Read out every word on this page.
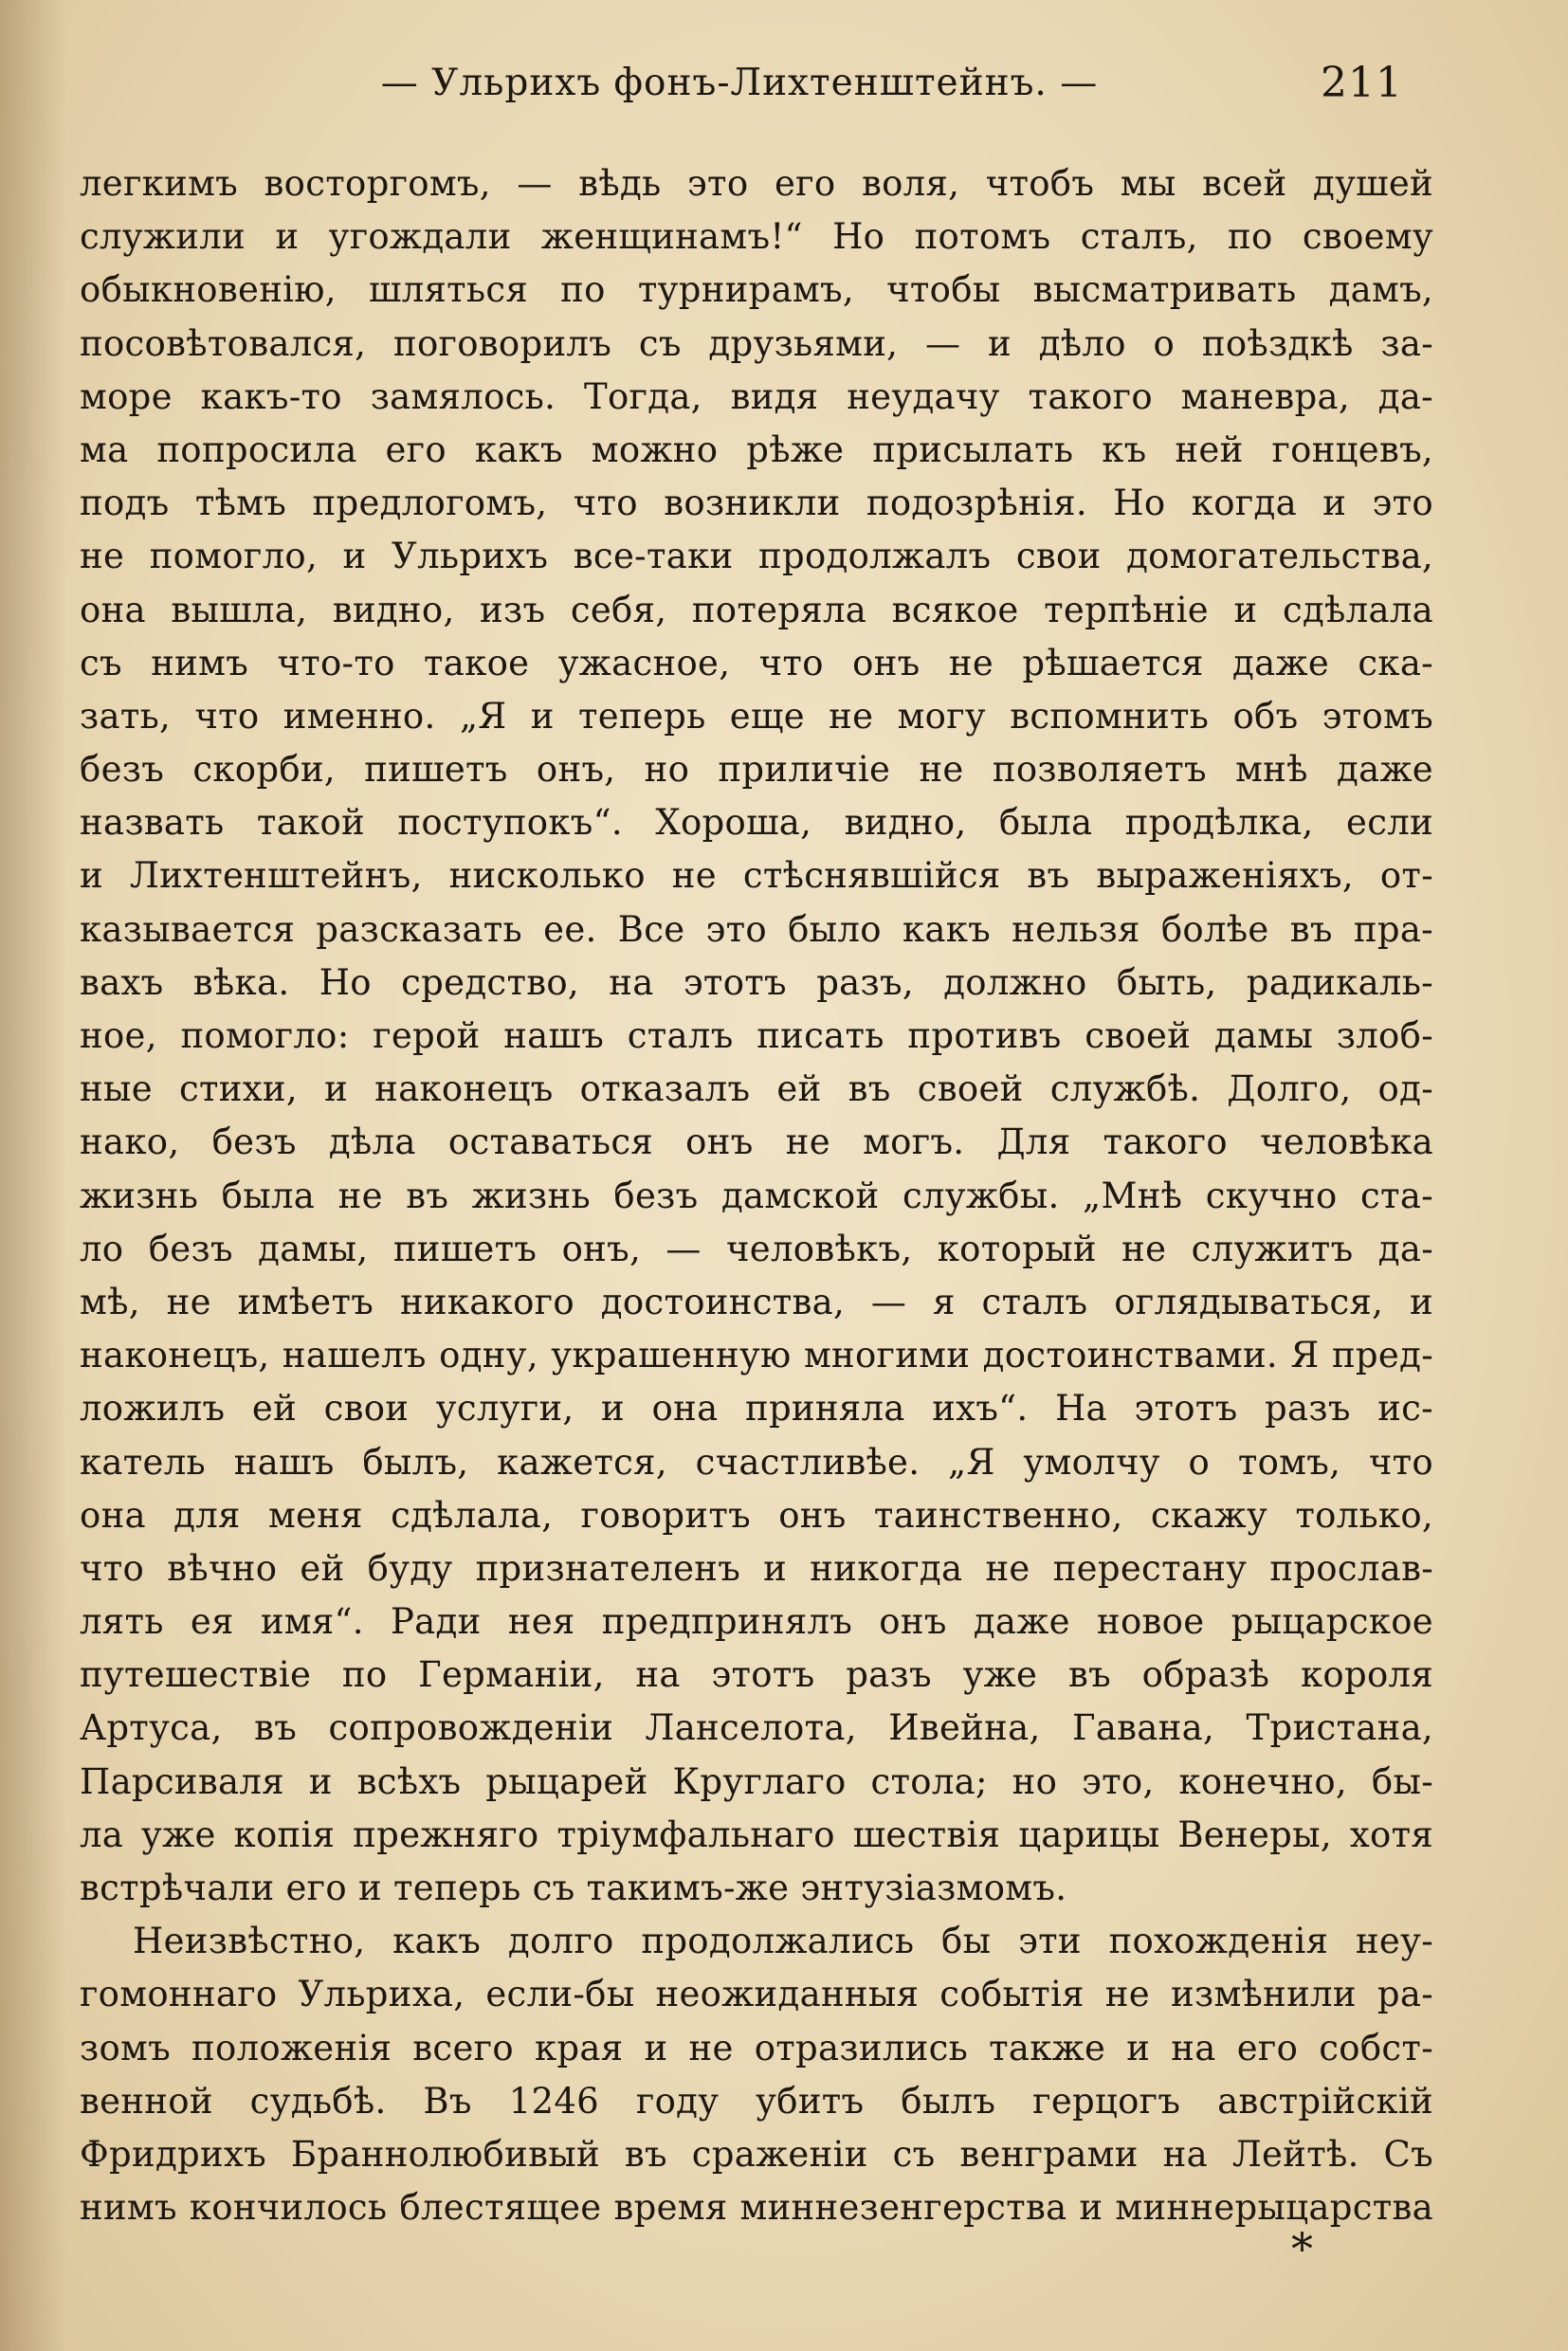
— Ульрихъ фонъ-Лихтенштейнъ. —	211
легкимъ восторгомъ, — вѣдь это его воля, чтобъ мы всей душей
служили и угождали женщинамъ!“ Но потомъ сталъ, по своему
обыкновенію, шляться по турнирамъ, чтобы высматривать дамъ,
посовѣтовался, поговорилъ съ друзьями, — и дѣло о поѣздкѣ за-
море какъ-то замялось. Тогда, видя неудачу такого маневра, да-
ма попросила его какъ можно рѣже присылать къ ней гонцевъ,
подъ тѣмъ предлогомъ, что возникли подозрѣнія. Но когда и это
не помогло, и Ульрихъ все-таки продолжалъ свои домогательства,
она вышла, видно, изъ себя, потеряла всякое терпѣніе и сдѣлала
съ нимъ что-то такое ужасное, что онъ не рѣшается даже ска-
зать, что именно. „Я и теперь еще не могу вспомнить объ этомъ
безъ скорби, пишетъ онъ, но приличіе не позволяетъ мнѣ даже
назвать такой поступокъ“. Хороша, видно, была продѣлка, если
и Лихтенштейнъ, нисколько не стѣснявшійся въ выраженіяхъ, от-
казывается разсказать ее. Все это было какъ нельзя болѣе въ пра-
вахъ вѣка. Но средство, на этотъ разъ, должно быть, радикаль-
ное, помогло: герой нашъ сталъ писать противъ своей дамы злоб-
ные стихи, и наконецъ отказалъ ей въ своей службѣ. Долго, од-
нако, безъ дѣла оставаться онъ не могъ. Для такого человѣка
жизнь была не въ жизнь безъ дамской службы. „Мнѣ скучно ста-
ло безъ дамы, пишетъ онъ, — человѣкъ, который не служитъ да-
мѣ, не имѣетъ никакого достоинства, — я сталъ оглядываться, и
наконецъ, нашелъ одну, украшенную многими достоинствами. Я пред-
ложилъ ей свои услуги, и она приняла ихъ“. На этотъ разъ ис-
катель нашъ былъ, кажется, счастливѣе. „Я умолчу о томъ, что
она для меня сдѣлала, говоритъ онъ таинственно, скажу только,
что вѣчно ей буду признателенъ и никогда не перестану прослав-
лять ея имя“. Ради нея предпринялъ онъ даже новое рыцарское
путешествіе по Германіи, на этотъ разъ уже въ образѣ короля
Артуса, въ сопровожденіи Ланселота, Ивейна, Гавана, Тристана,
Парсиваля и всѣхъ рыцарей Круглаго стола; но это, конечно, бы-
ла уже копія прежняго тріумфальнаго шествія царицы Венеры, хотя
встрѣчали его и теперь съ такимъ-же энтузіазмомъ.
Неизвѣстно, какъ долго продолжались бы эти похожденія неу-
гомоннаго Ульриха, если-бы неожиданныя событія не измѣнили ра-
зомъ положенія всего края и не отразились также и на его собст-
венной судьбѣ. Въ 1246 году убитъ былъ герцогъ австрійскій
Фридрихъ Браннолюбивый въ сраженіи съ венграми на Лейтѣ. Съ
нимъ кончилось блестящее время миннезенгерства и миннерыцарства
*
